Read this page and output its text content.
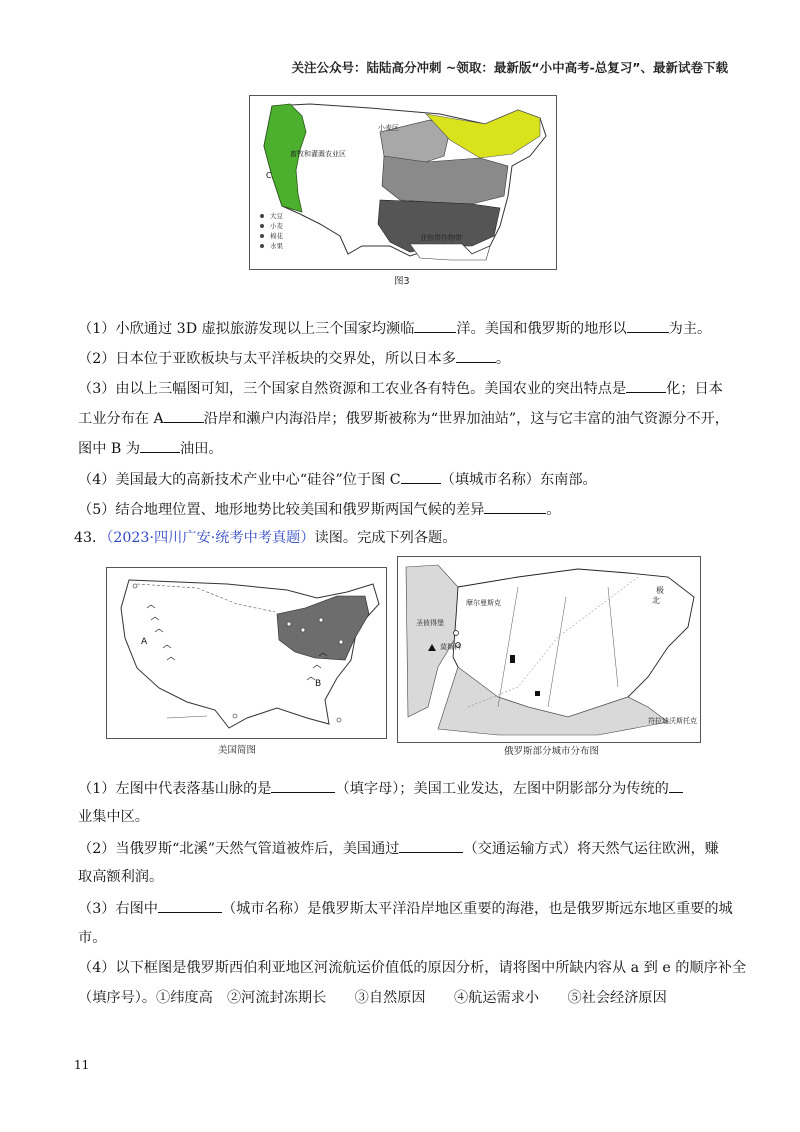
关注公众号：陆陆高分冲刺 ~领取：最新版“小中高考-总复习”、最新试卷下载
畜牧和灌溉农业区
C
小麦区
亚热带作物带
大豆
小麦
棉花
水果
图3
（1）小欣通过 3D 虚拟旅游发现以上三个国家均濒临	洋。美国和俄罗斯的地形以	为主。
（2）日本位于亚欧板块与太平洋板块的交界处，所以日本多	。
（3）由以上三幅图可知，三个国家自然资源和工农业各有特色。美国农业的突出特点是	化；日本
工业分布在 A	沿岸和濑户内海沿岸；俄罗斯被称为“世界加油站”，这与它丰富的油气资源分不开，
图中 B 为	油田。
（4）美国最大的高新技术产业中心“硅谷”位于图 C	（填城市名称）东南部。
（5）结合地理位置、地形地势比较美国和俄罗斯两国气候的差异	。
43．（2023·四川广安·统考中考真题）读图。完成下列各题。
A
B
美国简图
摩尔曼斯克
圣彼得堡
莫斯科
符拉迪沃斯托克
北
极
俄罗斯部分城市分布图
（1）左图中代表落基山脉的是	（填字母）；美国工业发达，左图中阴影部分为传统的
业集中区。
（2）当俄罗斯“北溪”天然气管道被炸后，美国通过	（交通运输方式）将天然气运往欧洲，赚
取高额利润。
（3）右图中	（城市名称）是俄罗斯太平洋沿岸地区重要的海港，也是俄罗斯远东地区重要的城
市。
（4）以下框图是俄罗斯西伯利亚地区河流航运价值低的原因分析，请将图中所缺内容从 a 到 e 的顺序补全
（填序号）。①纬度高　②河流封冻期长　　③自然原因　　④航运需求小　　⑤社会经济原因
11
